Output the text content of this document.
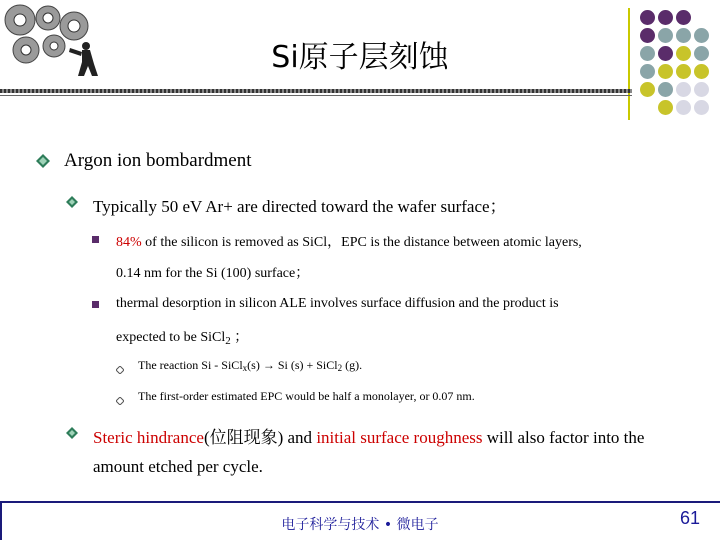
Si原子层刻蚀
Argon ion bombardment
Typically 50 eV Ar+ are directed toward the wafer surface；
84% of the silicon is removed as SiCl，EPC is the distance between atomic layers,
0.14 nm for the Si (100) surface；
thermal desorption in silicon ALE involves surface diffusion and the product is
expected to be SiCl$_2$ ；
The reaction Si - SiClx(s) → Si (s) + SiCl2 (g).
The first-order estimated EPC would be half a monolayer, or 0.07 nm.
Steric hindrance(位阻现象) and initial surface roughness will also factor into the
amount etched per cycle.
电子科学与技术 • 微电子	61
